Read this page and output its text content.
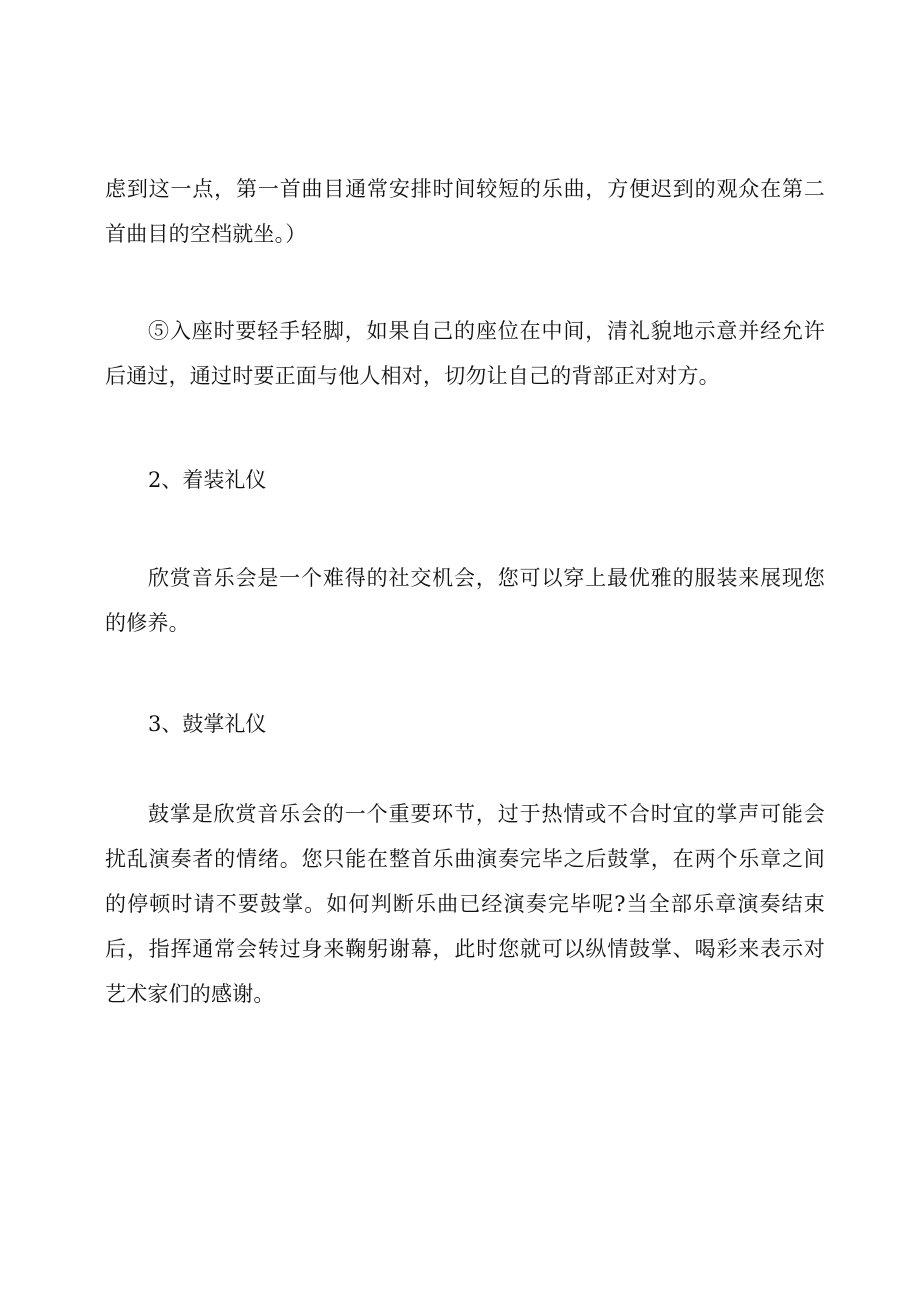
虑到这一点，第一首曲目通常安排时间较短的乐曲，方便迟到的观众在第二首曲目的空档就坐。）

⑤入座时要轻手轻脚，如果自己的座位在中间，清礼貌地示意并经允许后通过，通过时要正面与他人相对，切勿让自己的背部正对对方。

2、着装礼仪

欣赏音乐会是一个难得的社交机会，您可以穿上最优雅的服装来展现您的修养。

3、鼓掌礼仪

鼓掌是欣赏音乐会的一个重要环节，过于热情或不合时宜的掌声可能会扰乱演奏者的情绪。您只能在整首乐曲演奏完毕之后鼓掌，在两个乐章之间的停顿时请不要鼓掌。如何判断乐曲已经演奏完毕呢?当全部乐章演奏结束后，指挥通常会转过身来鞠躬谢幕，此时您就可以纵情鼓掌、喝彩来表示对艺术家们的感谢。
